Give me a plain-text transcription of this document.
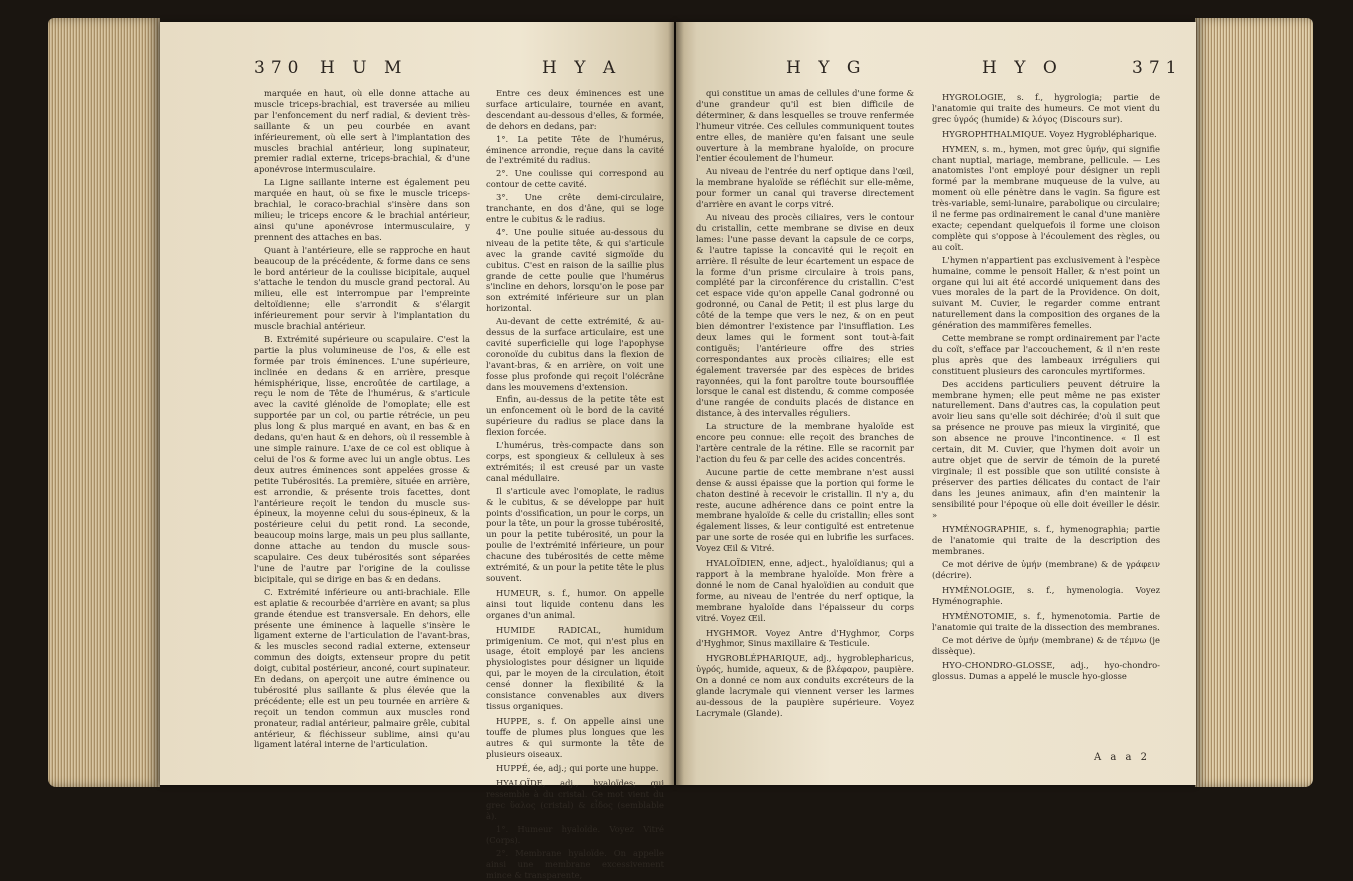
370 H U M	H Y A

marquée en haut, où elle donne attache au muscle triceps-brachial, est traversée au milieu par l'enfoncement du nerf radial, & devient très-saillante & un peu courbée en avant inférieurement, où elle sert à l'implantation des muscles brachial antérieur, long supinateur, premier radial externe, triceps-brachial, & d'une aponévrose intermusculaire.

La Ligne saillante interne est également peu marquée en haut, où se fixe le muscle triceps-brachial, le coraco-brachial s'insère dans son milieu; le triceps encore & le brachial antérieur, ainsi qu'une aponévrose intermusculaire, y prennent des attaches en bas.

Quant à l'antérieure, elle se rapproche en haut beaucoup de la précédente, & forme dans ce sens le bord antérieur de la coulisse bicipitale, auquel s'attache le tendon du muscle grand pectoral. Au milieu, elle est interrompue par l'empreinte deltoïdienne; elle s'arrondit & s'élargit inférieurement pour servir à l'implantation du muscle brachial antérieur.

B. Extrémité supérieure ou scapulaire. C'est la partie la plus volumineuse de l'os, & elle est formée par trois éminences. L'une supérieure, inclinée en dedans & en arrière, presque hémisphérique, lisse, encroûtée de cartilage, a reçu le nom de Tête de l'humérus, & s'articule avec la cavité glénoïde de l'omoplate; elle est supportée par un col, ou partie rétrécie, un peu plus long & plus marqué en avant, en bas & en dedans, qu'en haut & en dehors, où il ressemble à une simple rainure. L'axe de ce col est oblique à celui de l'os & forme avec lui un angle obtus. Les deux autres éminences sont appelées grosse & petite Tubérosités. La première, située en arrière, est arrondie, & présente trois facettes, dont l'antérieure reçoit le tendon du muscle sus-épineux, la moyenne celui du sous-épineux, & la postérieure celui du petit rond. La seconde, beaucoup moins large, mais un peu plus saillante, donne attache au tendon du muscle sous-scapulaire. Ces deux tubérosités sont séparées l'une de l'autre par l'origine de la coulisse bicipitale, qui se dirige en bas & en dedans.

C. Extrémité inférieure ou anti-brachiale. Elle est aplatie & recourbée d'arrière en avant; sa plus grande étendue est transversale. En dehors, elle présente une éminence à laquelle s'insère le ligament externe de l'articulation de l'avant-bras, & les muscles second radial externe, extenseur commun des doigts, extenseur propre du petit doigt, cubital postérieur, anconé, court supinateur. En dedans, on aperçoit une autre éminence ou tubérosité plus saillante & plus élevée que la précédente; elle est un peu tournée en arrière & reçoit un tendon commun aux muscles rond pronateur, radial antérieur, palmaire grêle, cubital antérieur, & fléchisseur sublime, ainsi qu'au ligament latéral interne de l'articulation.

Entre ces deux éminences est une surface articulaire, tournée en avant, descendant au-dessous d'elles, & formée, de dehors en dedans, par:

1°. La petite Tête de l'humérus, éminence arrondie, reçue dans la cavité de l'extrémité du radius.

2°. Une coulisse qui correspond au contour de cette cavité.

3°. Une crête demi-circulaire, tranchante, en dos d'âne, qui se loge entre le cubitus & le radius.

4°. Une poulie située au-dessous du niveau de la petite tête, & qui s'articule avec la grande cavité sigmoïde du cubitus. C'est en raison de la saillie plus grande de cette poulie que l'humérus s'incline en dehors, lorsqu'on le pose par son extrémité inférieure sur un plan horizontal.

Au-devant de cette extrémité, & au-dessus de la surface articulaire, est une cavité superficielle qui loge l'apophyse coronoïde du cubitus dans la flexion de l'avant-bras, & en arrière, on voit une fosse plus profonde qui reçoit l'olécrâne dans les mouvemens d'extension.

Enfin, au-dessus de la petite tête est un enfoncement où le bord de la cavité supérieure du radius se place dans la flexion forcée.

L'humérus, très-compacte dans son corps, est spongieux & celluleux à ses extrémités; il est creusé par un vaste canal médullaire.

Il s'articule avec l'omoplate, le radius & le cubitus, & se développe par huit points d'ossification, un pour le corps, un pour la tête, un pour la grosse tubérosité, un pour la petite tubérosité, un pour la poulie de l'extrémité inférieure, un pour chacune des tubérosités de cette même extrémité, & un pour la petite tête le plus souvent.

HUMEUR, s. f., humor. On appelle ainsi tout liquide contenu dans les organes d'un animal.

HUMIDE RADICAL, humidum primigenium. Ce mot, qui n'est plus en usage, étoit employé par les anciens physiologistes pour désigner un liquide qui, par le moyen de la circulation, étoit censé donner la flexibilité & la consistance convenables aux divers tissus organiques.

HUPPE, s. f. On appelle ainsi une touffe de plumes plus longues que les autres & qui surmonte la tête de plusieurs oiseaux.

HUPPÉ, ée, adj.; qui porte une huppe.

HYALOÏDE, adj., hyaloïdes; qui ressemble à du cristal. Ce mot vient du grec ὕαλος (cristal) & εἶδος (semblable à).

1°. Humeur hyaloïde. Voyez Vitré (Corps).

2°. Membrane hyaloïde. On appelle ainsi une membrane excessivement mince & transparente,

H Y G	H Y O	371

qui constitue un amas de cellules d'une forme & d'une grandeur qu'il est bien difficile de déterminer, & dans lesquelles se trouve renfermée l'humeur vitrée. Ces cellules communiquent toutes entre elles, de manière qu'en faisant une seule ouverture à la membrane hyaloïde, on procure l'entier écoulement de l'humeur.

Au niveau de l'entrée du nerf optique dans l'œil, la membrane hyaloïde se réfléchit sur elle-même, pour former un canal qui traverse directement d'arrière en avant le corps vitré.

Au niveau des procès ciliaires, vers le contour du cristallin, cette membrane se divise en deux lames: l'une passe devant la capsule de ce corps, & l'autre tapisse la concavité qui le reçoit en arrière. Il résulte de leur écartement un espace de la forme d'un prisme circulaire à trois pans, complété par la circonférence du cristallin. C'est cet espace vide qu'on appelle Canal godronné ou godronné, ou Canal de Petit; il est plus large du côté de la tempe que vers le nez, & on en peut bien démontrer l'existence par l'insufflation. Les deux lames qui le forment sont tout-à-fait contiguës; l'antérieure offre des stries correspondantes aux procès ciliaires; elle est également traversée par des espèces de brides rayonnées, qui la font paroître toute boursoufflée lorsque le canal est distendu, & comme composée d'une rangée de conduits placés de distance en distance, à des intervalles réguliers.

La structure de la membrane hyaloïde est encore peu connue: elle reçoit des branches de l'artère centrale de la rétine. Elle se racornit par l'action du feu & par celle des acides concentrés.

Aucune partie de cette membrane n'est aussi dense & aussi épaisse que la portion qui forme le chaton destiné à recevoir le cristallin. Il n'y a, du reste, aucune adhérence dans ce point entre la membrane hyaloïde & celle du cristallin; elles sont également lisses, & leur contiguïté est entretenue par une sorte de rosée qui en lubrifie les surfaces. Voyez Œil & Vitré.

HYALOÏDIEN, enne, adject., hyaloïdianus; qui a rapport à la membrane hyaloïde. Mon frère a donné le nom de Canal hyaloïdien au conduit que forme, au niveau de l'entrée du nerf optique, la membrane hyaloïde dans l'épaisseur du corps vitré. Voyez Œil.

HYGHMOR. Voyez Antre d'Hyghmor, Corps d'Hyghmor, Sinus maxillaire & Testicule.

HYGROBLÉPHARIQUE, adj., hygroblepharicus, ὑγρός, humide, aqueux, & de βλέφαρον, paupière. On a donné ce nom aux conduits excréteurs de la glande lacrymale qui viennent verser les larmes au-dessous de la paupière supérieure. Voyez Lacrymale (Glande).

HYGROLOGIE, s. f., hygrologia; partie de l'anatomie qui traite des humeurs. Ce mot vient du grec ὑγρός (humide) & λόγος (Discours sur).

HYGROPHTHALMIQUE. Voyez Hygroblépharique.

HYMEN, s. m., hymen, mot grec ὑμήν, qui signifie chant nuptial, mariage, membrane, pellicule. — Les anatomistes l'ont employé pour désigner un repli formé par la membrane muqueuse de la vulve, au moment où elle pénètre dans le vagin. Sa figure est très-variable, semi-lunaire, parabolique ou circulaire; il ne ferme pas ordinairement le canal d'une manière exacte; cependant quelquefois il forme une cloison complète qui s'oppose à l'écoulement des règles, ou au coït.

L'hymen n'appartient pas exclusivement à l'espèce humaine, comme le pensoit Haller, & n'est point un organe qui lui ait été accordé uniquement dans des vues morales de la part de la Providence. On doit, suivant M. Cuvier, le regarder comme entrant naturellement dans la composition des organes de la génération des mammifères femelles.

Cette membrane se rompt ordinairement par l'acte du coït, s'efface par l'accouchement, & il n'en reste plus après que des lambeaux irréguliers qui constituent plusieurs des caroncules myrtiformes.

Des accidens particuliers peuvent détruire la membrane hymen; elle peut même ne pas exister naturellement. Dans d'autres cas, la copulation peut avoir lieu sans qu'elle soit déchirée; d'où il suit que sa présence ne prouve pas mieux la virginité, que son absence ne prouve l'incontinence. « Il est certain, dit M. Cuvier, que l'hymen doit avoir un autre objet que de servir de témoin de la pureté virginale; il est possible que son utilité consiste à préserver des parties délicates du contact de l'air dans les jeunes animaux, afin d'en maintenir la sensibilité pour l'époque où elle doit éveiller le désir. »

HYMÉNOGRAPHIE, s. f., hymenographia; partie de l'anatomie qui traite de la description des membranes.

Ce mot dérive de ὑμήν (membrane) & de γράφειν (décrire).

HYMÉNOLOGIE, s. f., hymenologia. Voyez Hyménographie.

HYMÉNOTOMIE, s. f., hymenotomia. Partie de l'anatomie qui traite de la dissection des membranes.

Ce mot dérive de ὑμήν (membrane) & de τέμνω (je dissèque).

HYO-CHONDRO-GLOSSE, adj., hyo-chondro-glossus. Dumas a appelé le muscle hyo-glosse

A a a 2
